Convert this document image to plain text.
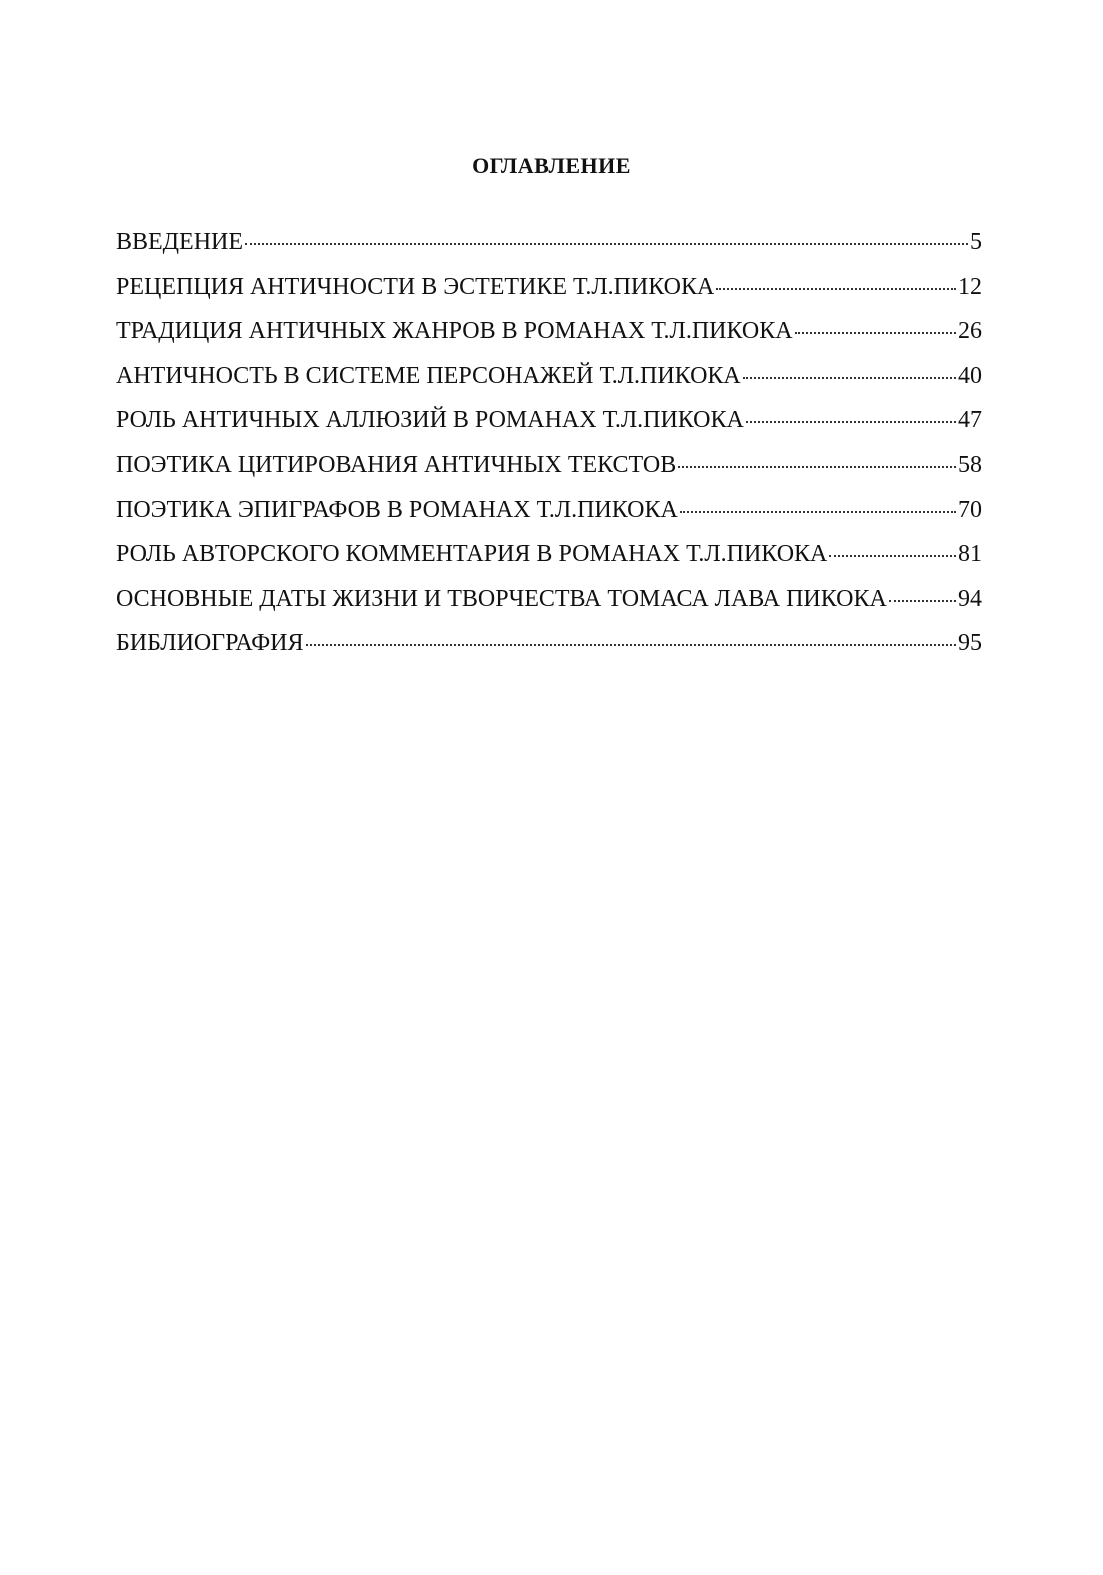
ОГЛАВЛЕНИЕ
ВВЕДЕНИЕ	5
РЕЦЕПЦИЯ АНТИЧНОСТИ В ЭСТЕТИКЕ Т.Л.ПИКОКА	12
ТРАДИЦИЯ АНТИЧНЫХ ЖАНРОВ В РОМАНАХ Т.Л.ПИКОКА	26
АНТИЧНОСТЬ В СИСТЕМЕ ПЕРСОНАЖЕЙ Т.Л.ПИКОКА	40
РОЛЬ АНТИЧНЫХ АЛЛЮЗИЙ В РОМАНАХ Т.Л.ПИКОКА	47
ПОЭТИКА ЦИТИРОВАНИЯ АНТИЧНЫХ ТЕКСТОВ	58
ПОЭТИКА ЭПИГРАФОВ В РОМАНАХ Т.Л.ПИКОКА	70
РОЛЬ АВТОРСКОГО КОММЕНТАРИЯ В РОМАНАХ Т.Л.ПИКОКА	81
ОСНОВНЫЕ ДАТЫ ЖИЗНИ И ТВОРЧЕСТВА ТОМАСА ЛАВА ПИКОКА	94
БИБЛИОГРАФИЯ	95
